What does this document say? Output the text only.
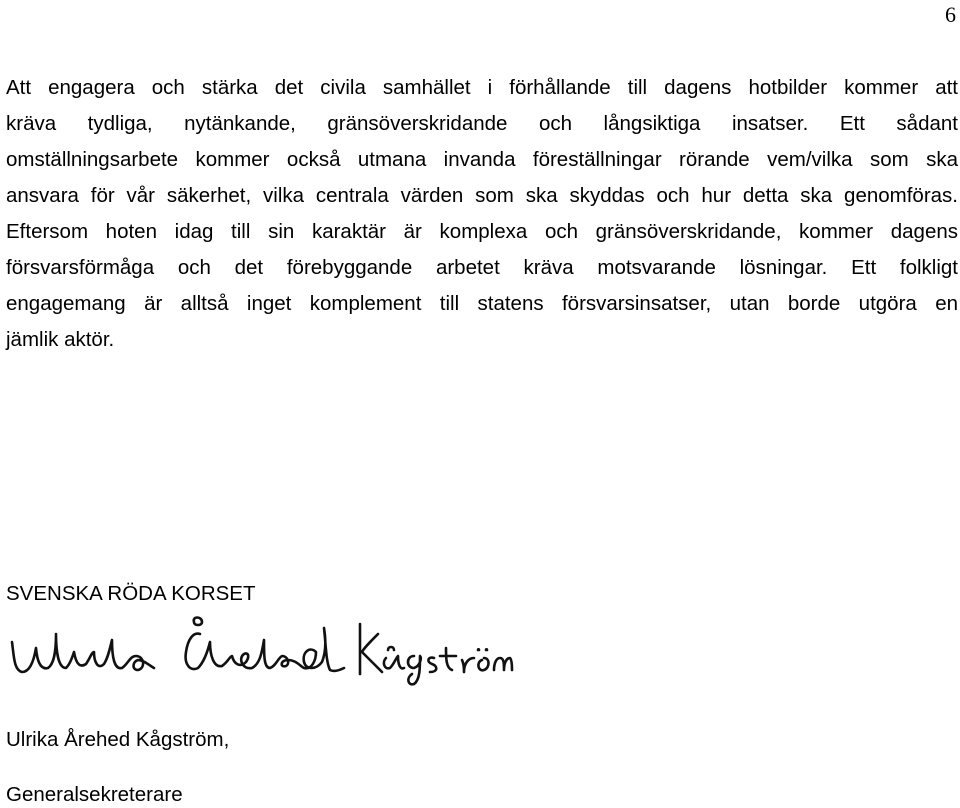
6

Att engagera och stärka det civila samhället i förhållande till dagens hotbilder kommer att
kräva tydliga, nytänkande, gränsöverskridande och långsiktiga insatser. Ett sådant
omställningsarbete kommer också utmana invanda föreställningar rörande vem/vilka som ska
ansvara för vår säkerhet, vilka centrala värden som ska skyddas och hur detta ska genomföras.
Eftersom hoten idag till sin karaktär är komplexa och gränsöverskridande, kommer dagens
försvarsförmåga och det förebyggande arbetet kräva motsvarande lösningar. Ett folkligt
engagemang är alltså inget komplement till statens försvarsinsatser, utan borde utgöra en
jämlik aktör.

SVENSKA RÖDA KORSET

Ulrika Årehed Kågström,

Generalsekreterare
